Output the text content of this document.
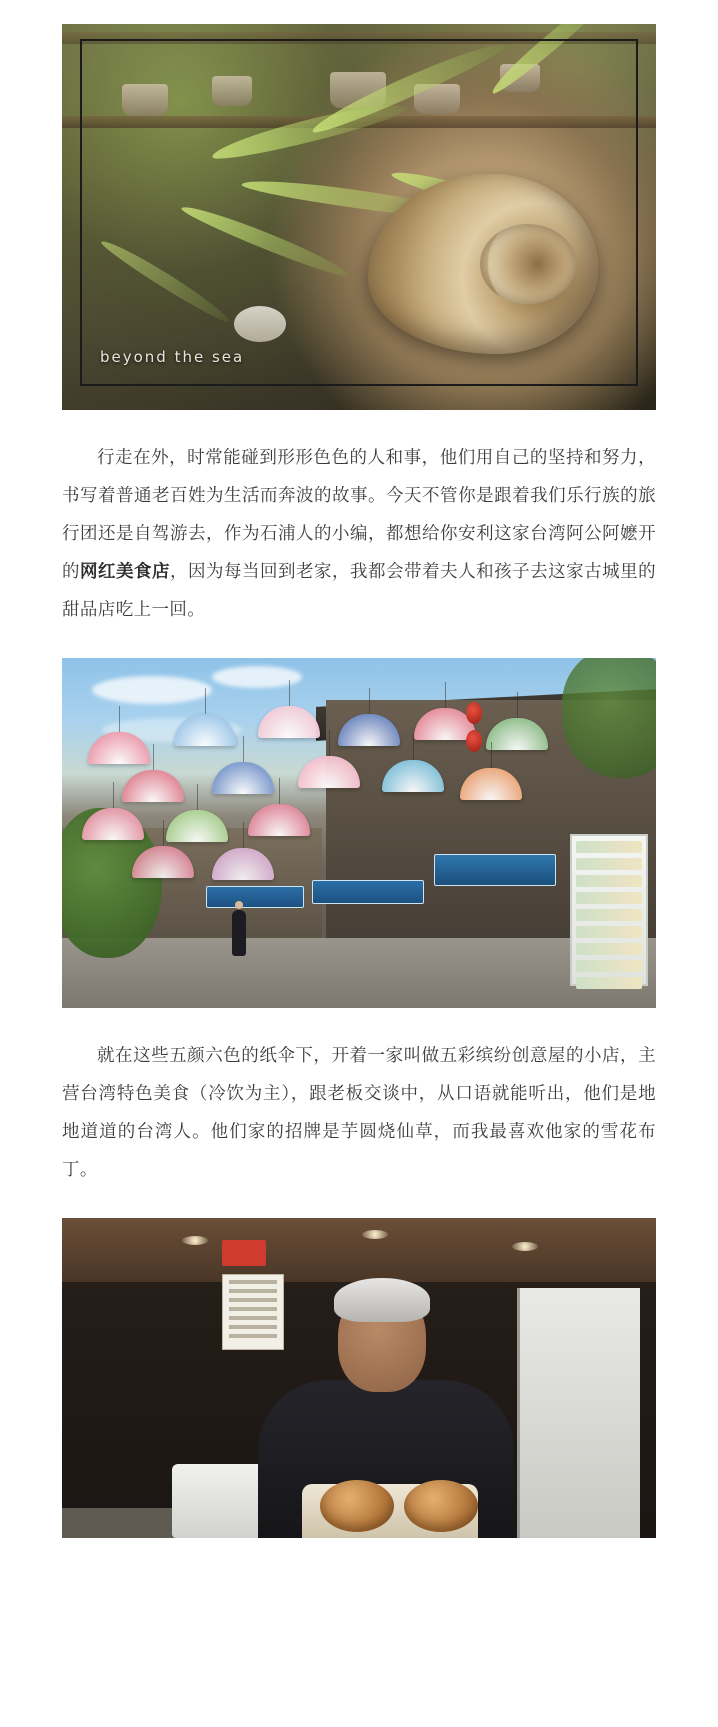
beyond the sea

行走在外，时常能碰到形形色色的人和事，他们用自己的坚持和努力，书写着普通老百姓为生活而奔波的故事。今天不管你是跟着我们乐行族的旅行团还是自驾游去，作为石浦人的小编，都想给你安利这家台湾阿公阿嬷开的网红美食店，因为每当回到老家，我都会带着夫人和孩子去这家古城里的甜品店吃上一回。

就在这些五颜六色的纸伞下，开着一家叫做五彩缤纷创意屋的小店，主营台湾特色美食（冷饮为主），跟老板交谈中，从口语就能听出，他们是地地道道的台湾人。他们家的招牌是芋圆烧仙草，而我最喜欢他家的雪花布丁。
